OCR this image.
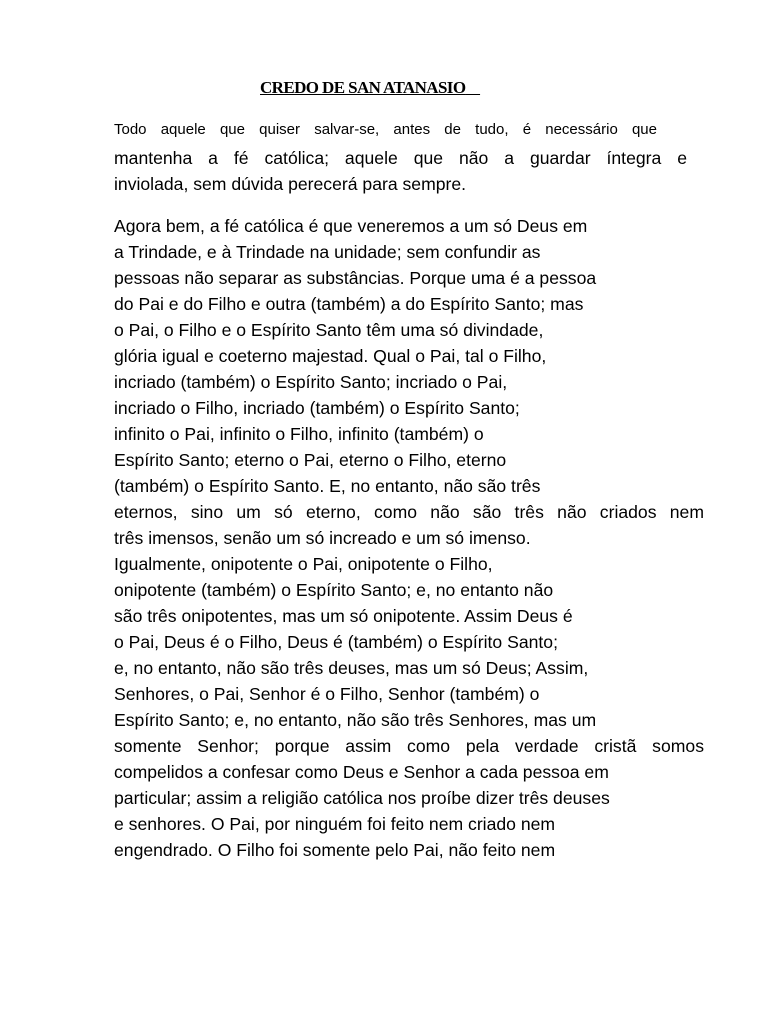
CREDO DE SAN ATANASIO
Todo aquele que quiser salvar-se, antes de tudo, é necessário que
mantenha a fé católica; aquele que não a guardar íntegra e
inviolada, sem dúvida perecerá para sempre.
Agora bem, a fé católica é que veneremos a um só Deus em
a Trindade, e à Trindade na unidade; sem confundir as
pessoas não separar as substâncias. Porque uma é a pessoa
do Pai e do Filho e outra (também) a do Espírito Santo; mas
o Pai, o Filho e o Espírito Santo têm uma só divindade,
glória igual e coeterno majestad. Qual o Pai, tal o Filho,
incriado (também) o Espírito Santo; incriado o Pai,
incriado o Filho, incriado (também) o Espírito Santo;
infinito o Pai, infinito o Filho, infinito (também) o
Espírito Santo; eterno o Pai, eterno o Filho, eterno
(também) o Espírito Santo. E, no entanto, não são três
eternos, sino um só eterno, como não são três não criados nem
três imensos, senão um só increado e um só imenso.
Igualmente, onipotente o Pai, onipotente o Filho,
onipotente (também) o Espírito Santo; e, no entanto não
são três onipotentes, mas um só onipotente. Assim Deus é
o Pai, Deus é o Filho, Deus é (também) o Espírito Santo;
e, no entanto, não são três deuses, mas um só Deus; Assim,
Senhores, o Pai, Senhor é o Filho, Senhor (também) o
Espírito Santo; e, no entanto, não são três Senhores, mas um
somente Senhor; porque assim como pela verdade cristã somos
compelidos a confesar como Deus e Senhor a cada pessoa em
particular; assim a religião católica nos proíbe dizer três deuses
e senhores. O Pai, por ninguém foi feito nem criado nem
engendrado. O Filho foi somente pelo Pai, não feito nem
